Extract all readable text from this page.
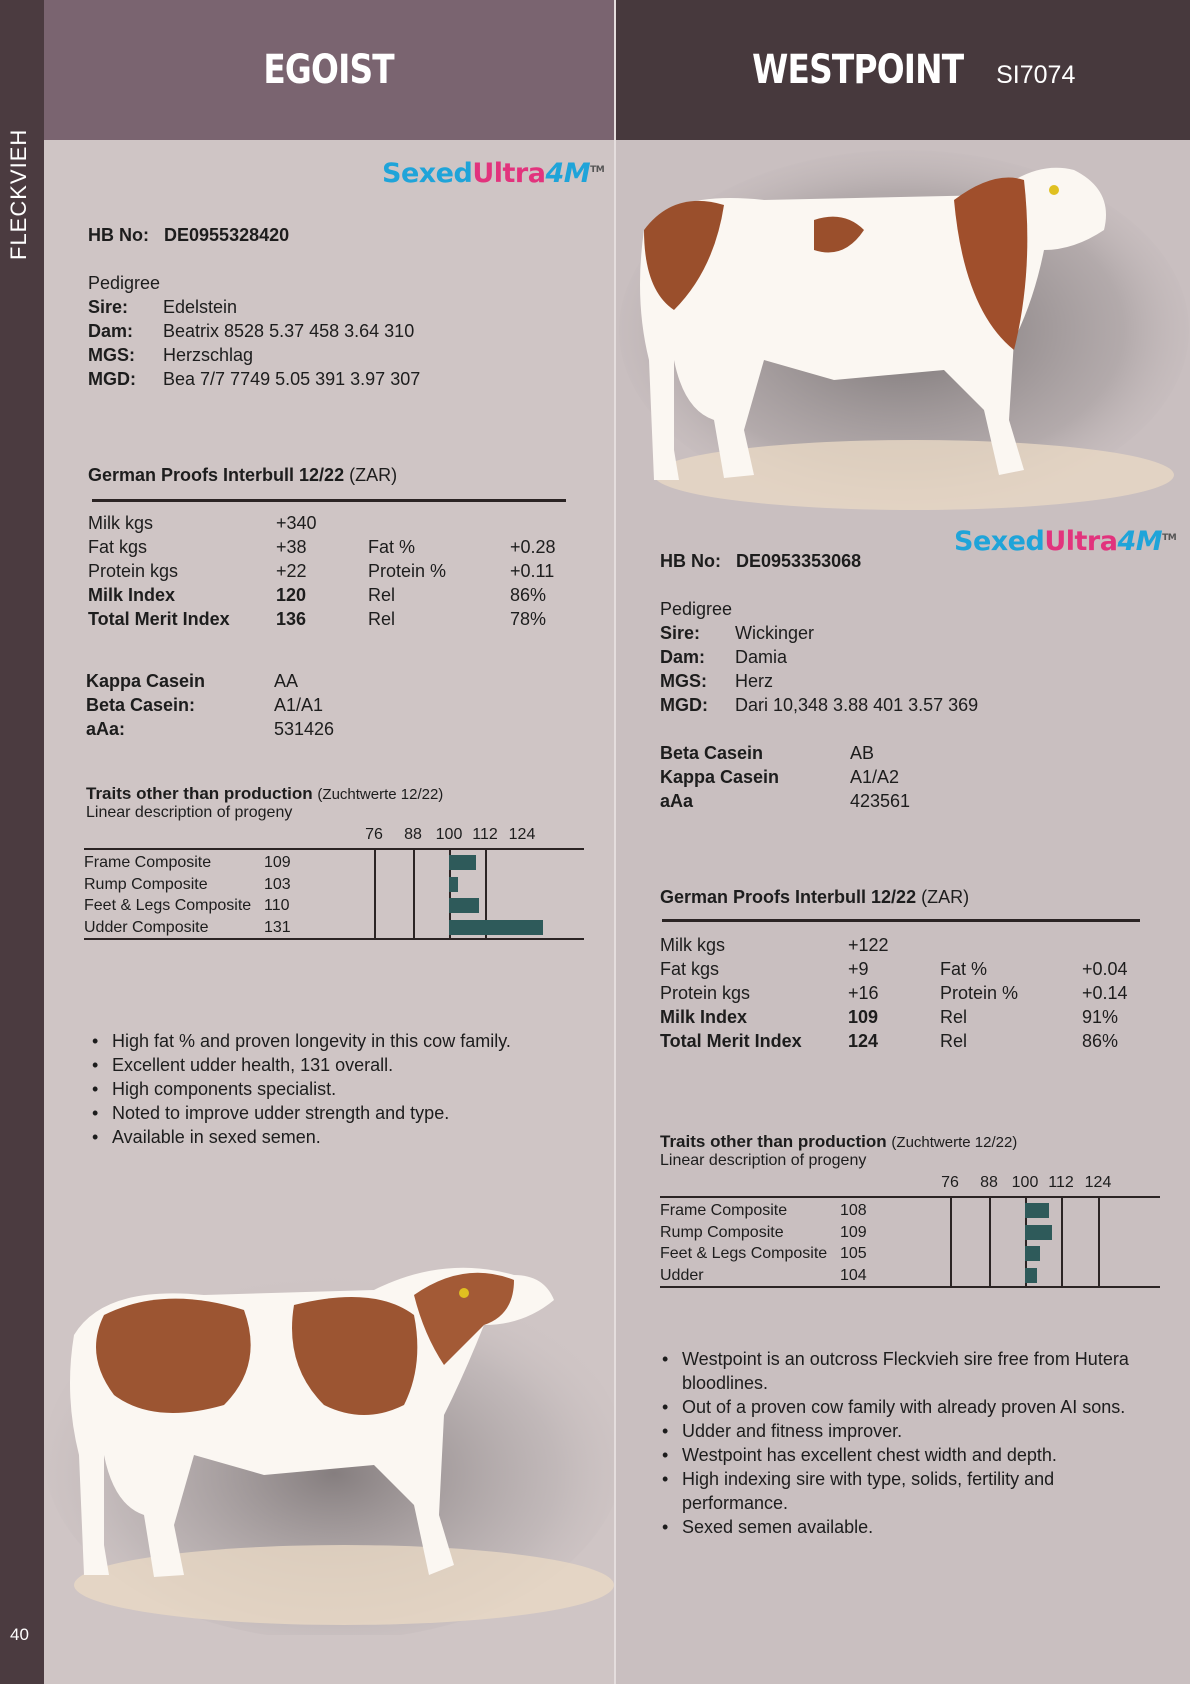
FLECKVIEH
40
EGOIST
SexedUltra4M™
HB No: DE0955328420
Pedigree
Sire:	Edelstein
Dam:	Beatrix 8528 5.37 458 3.64 310
MGS:	Herzschlag
MGD:	Bea 7/7 7749 5.05 391 3.97 307
German Proofs Interbull 12/22 (ZAR)
Milk kgs	+340
Fat kgs	+38	Fat %	+0.28
Protein kgs	+22	Protein %	+0.11
Milk Index	120	Rel	86%
Total Merit Index	136	Rel	78%
Kappa Casein	AA
Beta Casein:	A1/A1
aAa:	531426
Traits other than production (Zuchtwerte 12/22)
Linear description of progeny
76 88 100 112 124
Frame Composite	109
Rump Composite	103
Feet & Legs Composite 110
Udder Composite	131
• High fat % and proven longevity in this cow family.
• Excellent udder health, 131 overall.
• High components specialist.
• Noted to improve udder strength and type.
• Available in sexed semen.
WESTPOINT SI7074
SexedUltra4M™
HB No: DE0953353068
Pedigree
Sire:	Wickinger
Dam:	Damia
MGS:	Herz
MGD:	Dari 10,348 3.88 401 3.57 369
Beta Casein	AB
Kappa Casein	A1/A2
aAa	423561
German Proofs Interbull 12/22 (ZAR)
Milk kgs	+122
Fat kgs	+9	Fat %	+0.04
Protein kgs	+16	Protein %	+0.14
Milk Index	109	Rel	91%
Total Merit Index	124	Rel	86%
Traits other than production (Zuchtwerte 12/22)
Linear description of progeny
76 88 100 112 124
Frame Composite	108
Rump Composite	109
Feet & Legs Composite 105
Udder	104
• Westpoint is an outcross Fleckvieh sire free from Hutera bloodlines.
• Out of a proven cow family with already proven AI sons.
• Udder and fitness improver.
• Westpoint has excellent chest width and depth.
• High indexing sire with type, solids, fertility and performance.
• Sexed semen available.
